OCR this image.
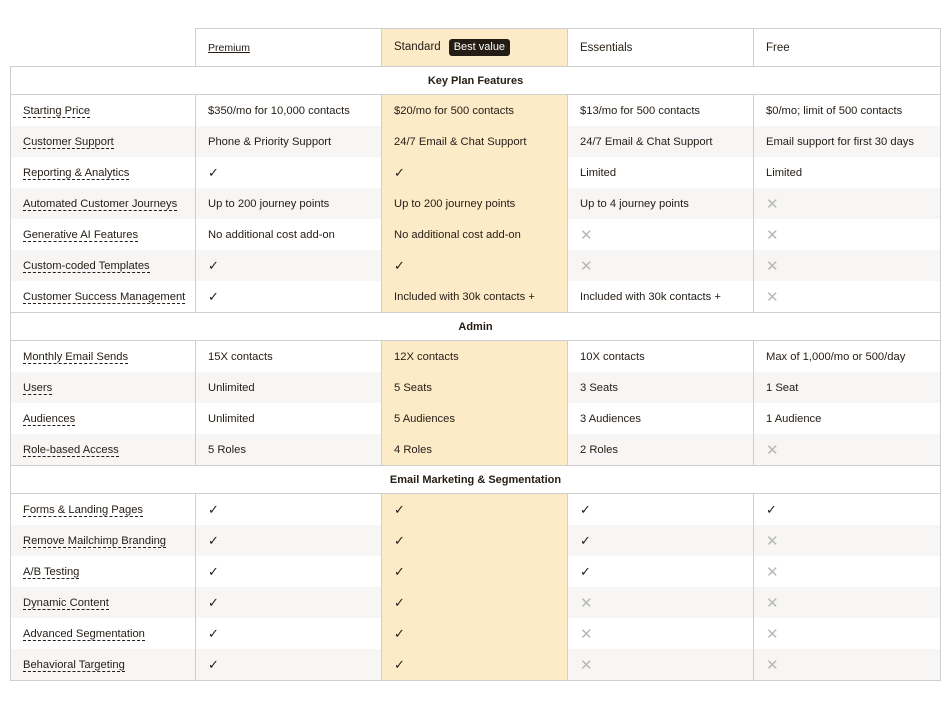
	Premium	Standard Best value	Essentials	Free
Key Plan Features				
Starting Price	$350/mo for 10,000 contacts	$20/mo for 500 contacts	$13/mo for 500 contacts	$0/mo; limit of 500 contacts
Customer Support	Phone & Priority Support	24/7 Email & Chat Support	24/7 Email & Chat Support	Email support for first 30 days
Reporting & Analytics	✓	✓	Limited	Limited
Automated Customer Journeys	Up to 200 journey points	Up to 200 journey points	Up to 4 journey points	✕
Generative AI Features	No additional cost add-on	No additional cost add-on	✕	✕
Custom-coded Templates	✓	✓	✕	✕
Customer Success Management	✓	Included with 30k contacts +	Included with 30k contacts +	✕
Admin				
Monthly Email Sends	15X contacts	12X contacts	10X contacts	Max of 1,000/mo or 500/day
Users	Unlimited	5 Seats	3 Seats	1 Seat
Audiences	Unlimited	5 Audiences	3 Audiences	1 Audience
Role-based Access	5 Roles	4 Roles	2 Roles	✕
Email Marketing & Segmentation				
Forms & Landing Pages	✓	✓	✓	✓
Remove Mailchimp Branding	✓	✓	✓	✕
A/B Testing	✓	✓	✓	✕
Dynamic Content	✓	✓	✕	✕
Advanced Segmentation	✓	✓	✕	✕
Behavioral Targeting	✓	✓	✕	✕
